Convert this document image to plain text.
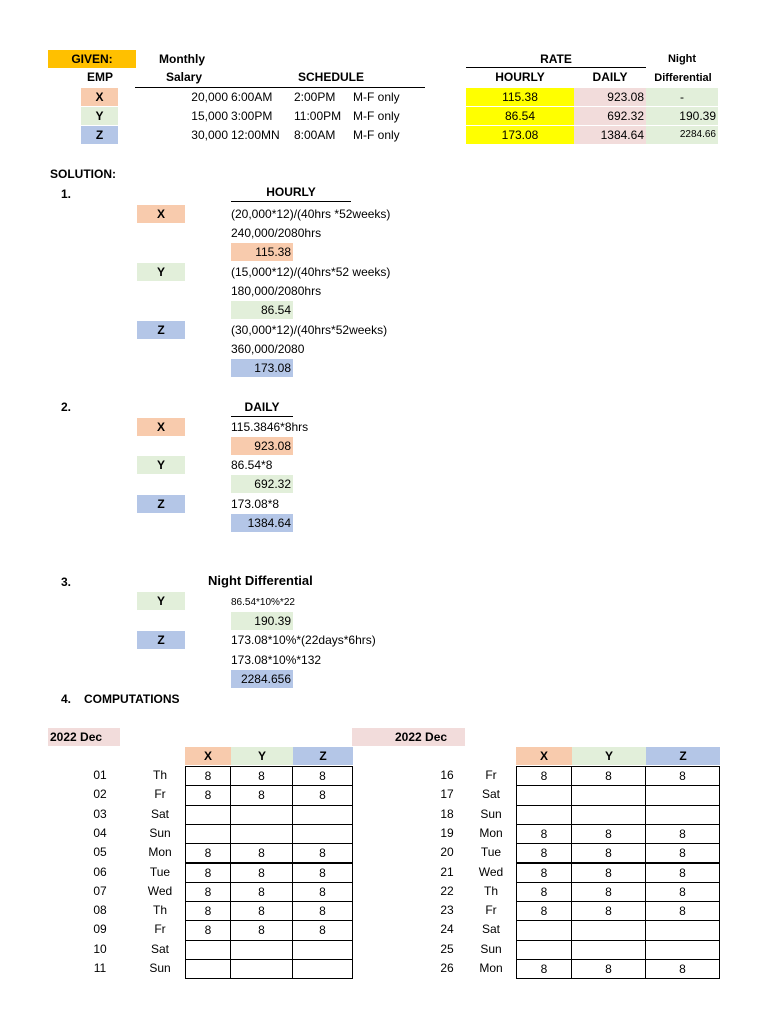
GIVEN:	Monthly	RATE	Night
EMP	Salary	SCHEDULE	HOURLY	DAILY	Differential
X	20,000 6:00AM 2:00PM M-F only	115.38	923.08	-
Y	15,000 3:00PM 11:00PM M-F only	86.54	692.32	190.39
Z	30,000 12:00MN 8:00AM M-F only	173.08	1384.64	2284.66
SOLUTION:
1.	HOURLY
X	(20,000*12)/(40hrs *52weeks)
240,000/2080hrs
115.38
Y	(15,000*12)/(40hrs*52 weeks)
180,000/2080hrs
86.54
Z	(30,000*12)/(40hrs*52weeks)
360,000/2080
173.08
2.	DAILY
X	115.3846*8hrs
923.08
Y	86.54*8
692.32
Z	173.08*8
1384.64
3.	Night Differential
Y	86.54*10%*22
190.39
Z	173.08*10%*(22days*6hrs)
173.08*10%*132
2284.656
4. COMPUTATIONS
2022 Dec	2022 Dec
X	Y	Z	X	Y	Z
01	Th	8	8	8
02	Fr	8	8	8
03	Sat
04	Sun
05	Mon	8	8	8
06	Tue	8	8	8
07	Wed	8	8	8
08	Th	8	8	8
09	Fr	8	8	8
10	Sat
11	Sun
16	Fr	8	8	8
17	Sat
18	Sun
19	Mon	8	8	8
20	Tue	8	8	8
21	Wed	8	8	8
22	Th	8	8	8
23	Fr	8	8	8
24	Sat
25	Sun
26	Mon	8	8	8
